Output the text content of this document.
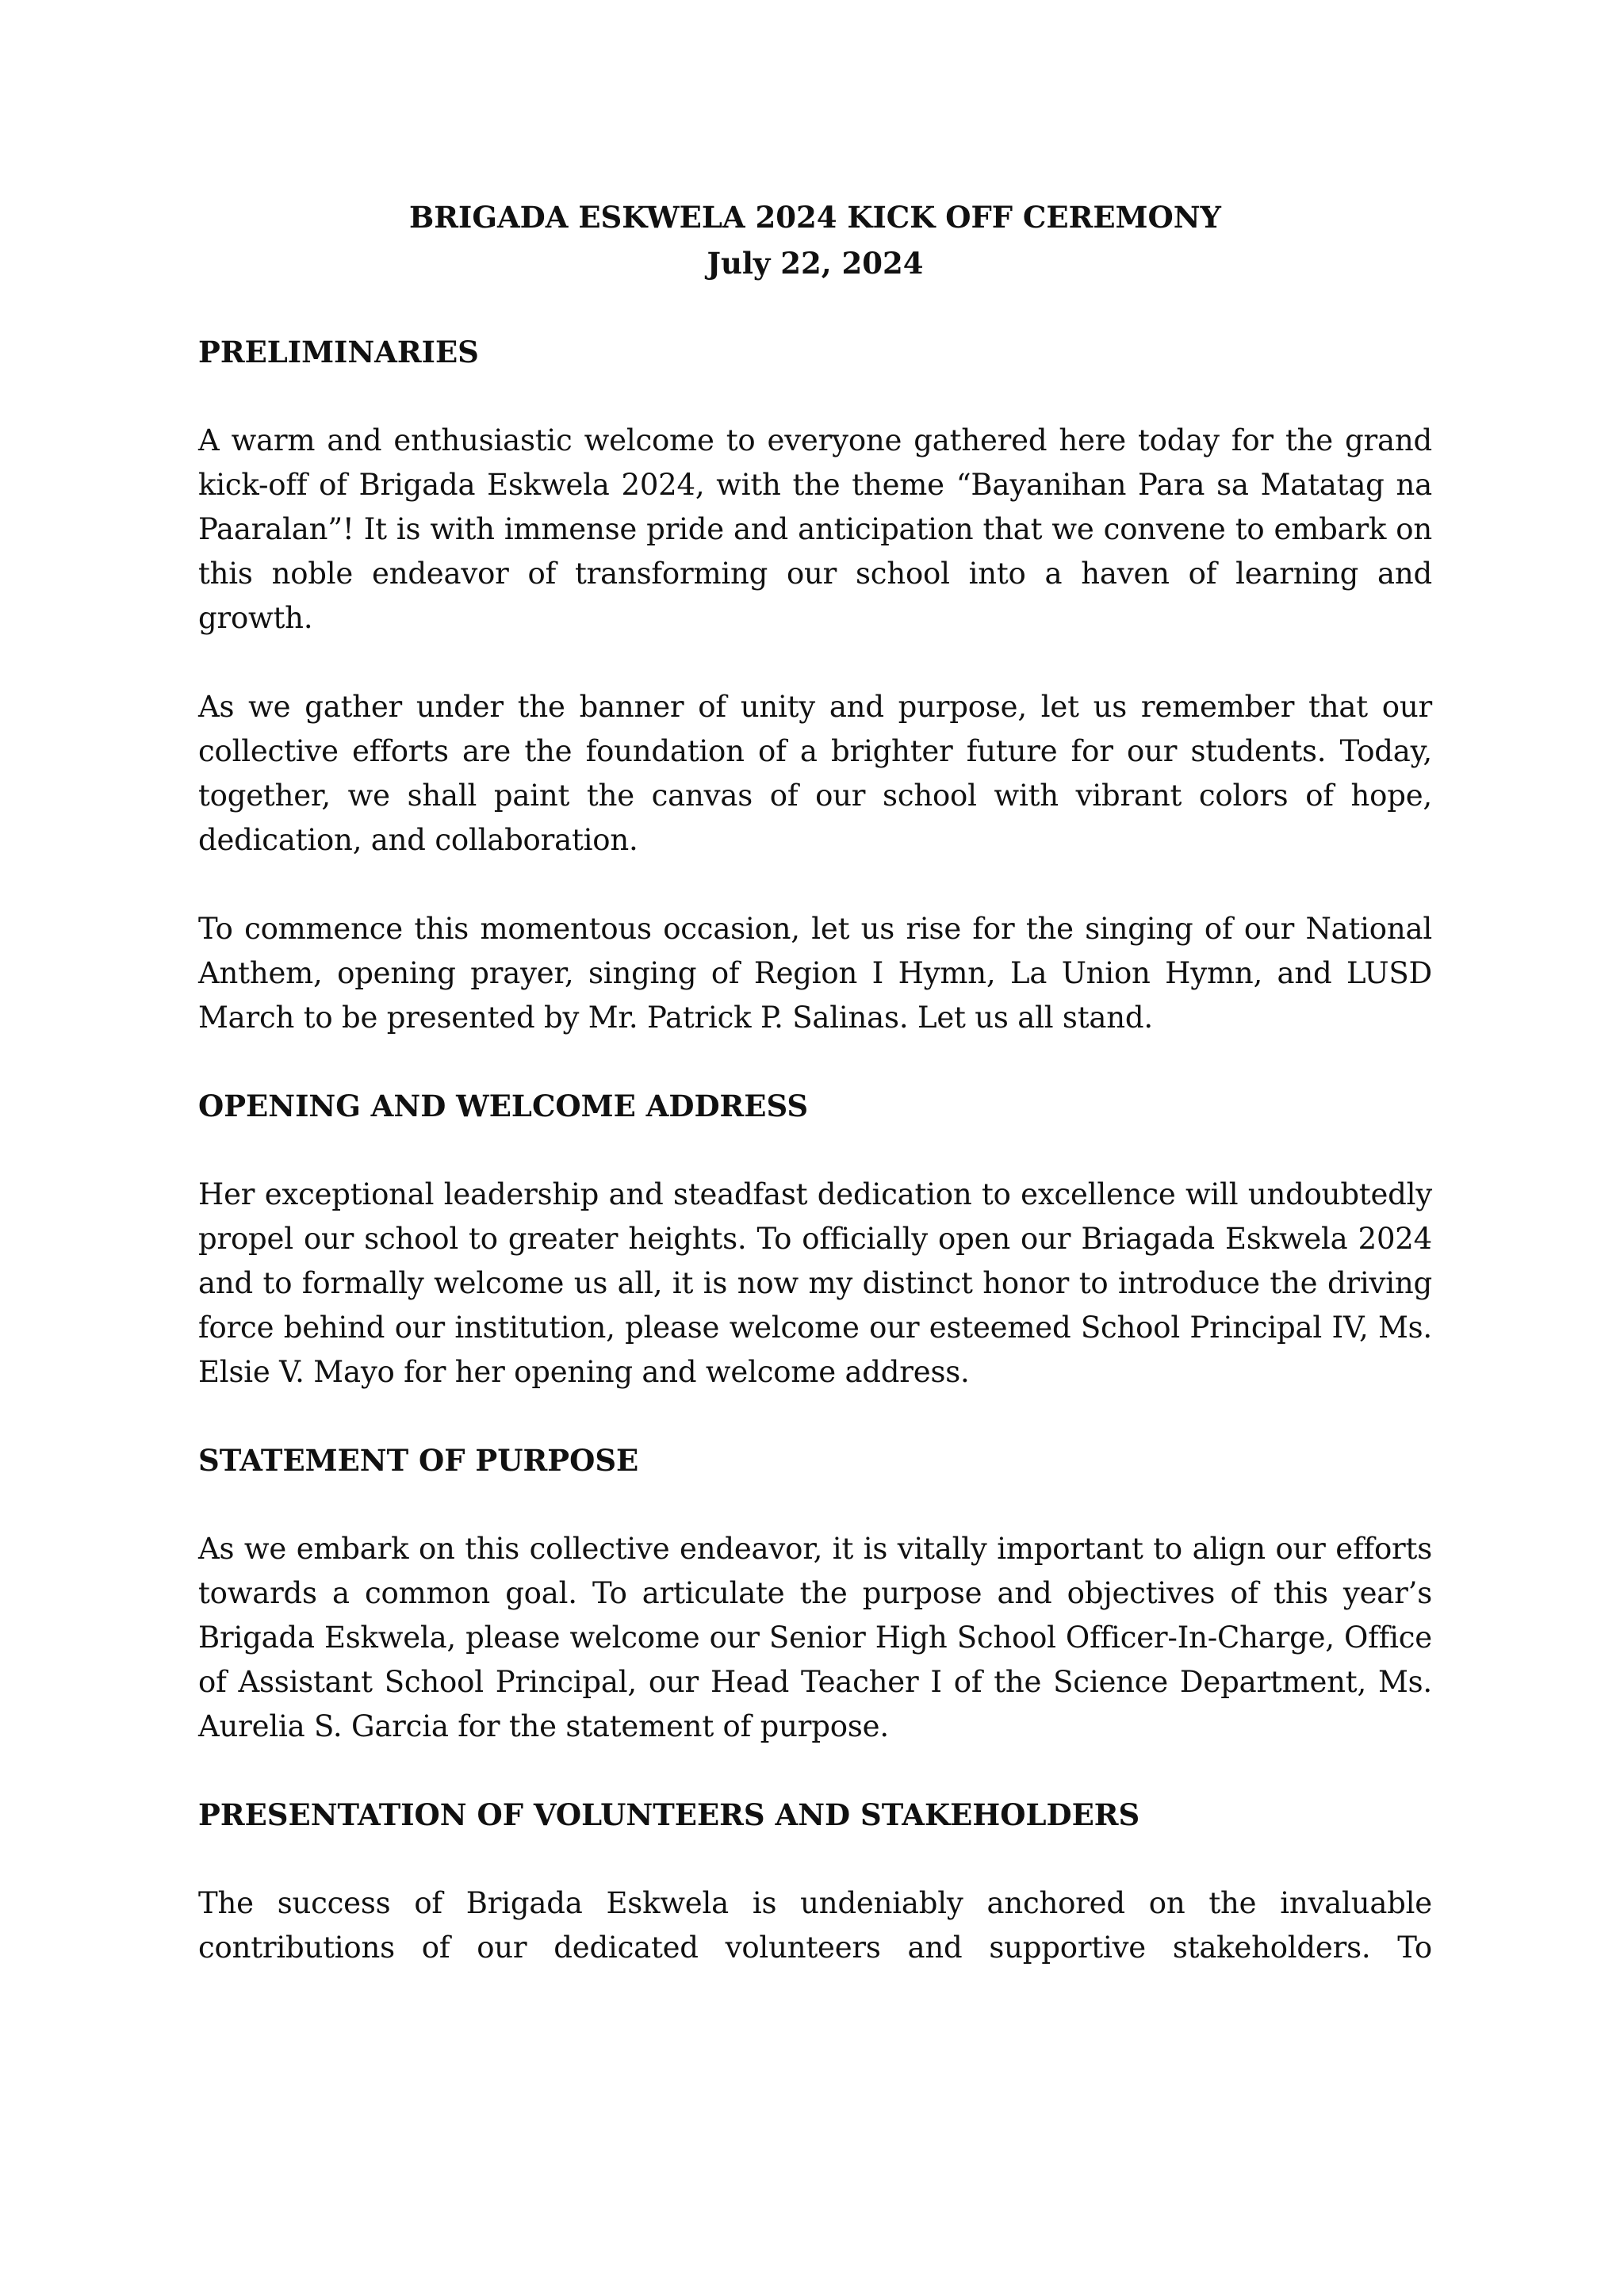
BRIGADA ESKWELA 2024 KICK OFF CEREMONY
July 22, 2024

PRELIMINARIES

A warm and enthusiastic welcome to everyone gathered here today for the grand kick-off of Brigada Eskwela 2024, with the theme “Bayanihan Para sa Matatag na Paaralan”! It is with immense pride and anticipation that we convene to embark on this noble endeavor of transforming our school into a haven of learning and growth.

As we gather under the banner of unity and purpose, let us remember that our collective efforts are the foundation of a brighter future for our students. Today, together, we shall paint the canvas of our school with vibrant colors of hope, dedication, and collaboration.

To commence this momentous occasion, let us rise for the singing of our National Anthem, opening prayer, singing of Region I Hymn, La Union Hymn, and LUSD March to be presented by Mr. Patrick P. Salinas. Let us all stand.

OPENING AND WELCOME ADDRESS

Her exceptional leadership and steadfast dedication to excellence will undoubtedly propel our school to greater heights. To officially open our Briagada Eskwela 2024 and to formally welcome us all, it is now my distinct honor to introduce the driving force behind our institution, please welcome our esteemed School Principal IV, Ms. Elsie V. Mayo for her opening and welcome address.

STATEMENT OF PURPOSE

As we embark on this collective endeavor, it is vitally important to align our efforts towards a common goal. To articulate the purpose and objectives of this year’s Brigada Eskwela, please welcome our Senior High School Officer-In-Charge, Office of Assistant School Principal, our Head Teacher I of the Science Department, Ms. Aurelia S. Garcia for the statement of purpose.

PRESENTATION OF VOLUNTEERS AND STAKEHOLDERS

The success of Brigada Eskwela is undeniably anchored on the invaluable contributions of our dedicated volunteers and supportive stakeholders. To
